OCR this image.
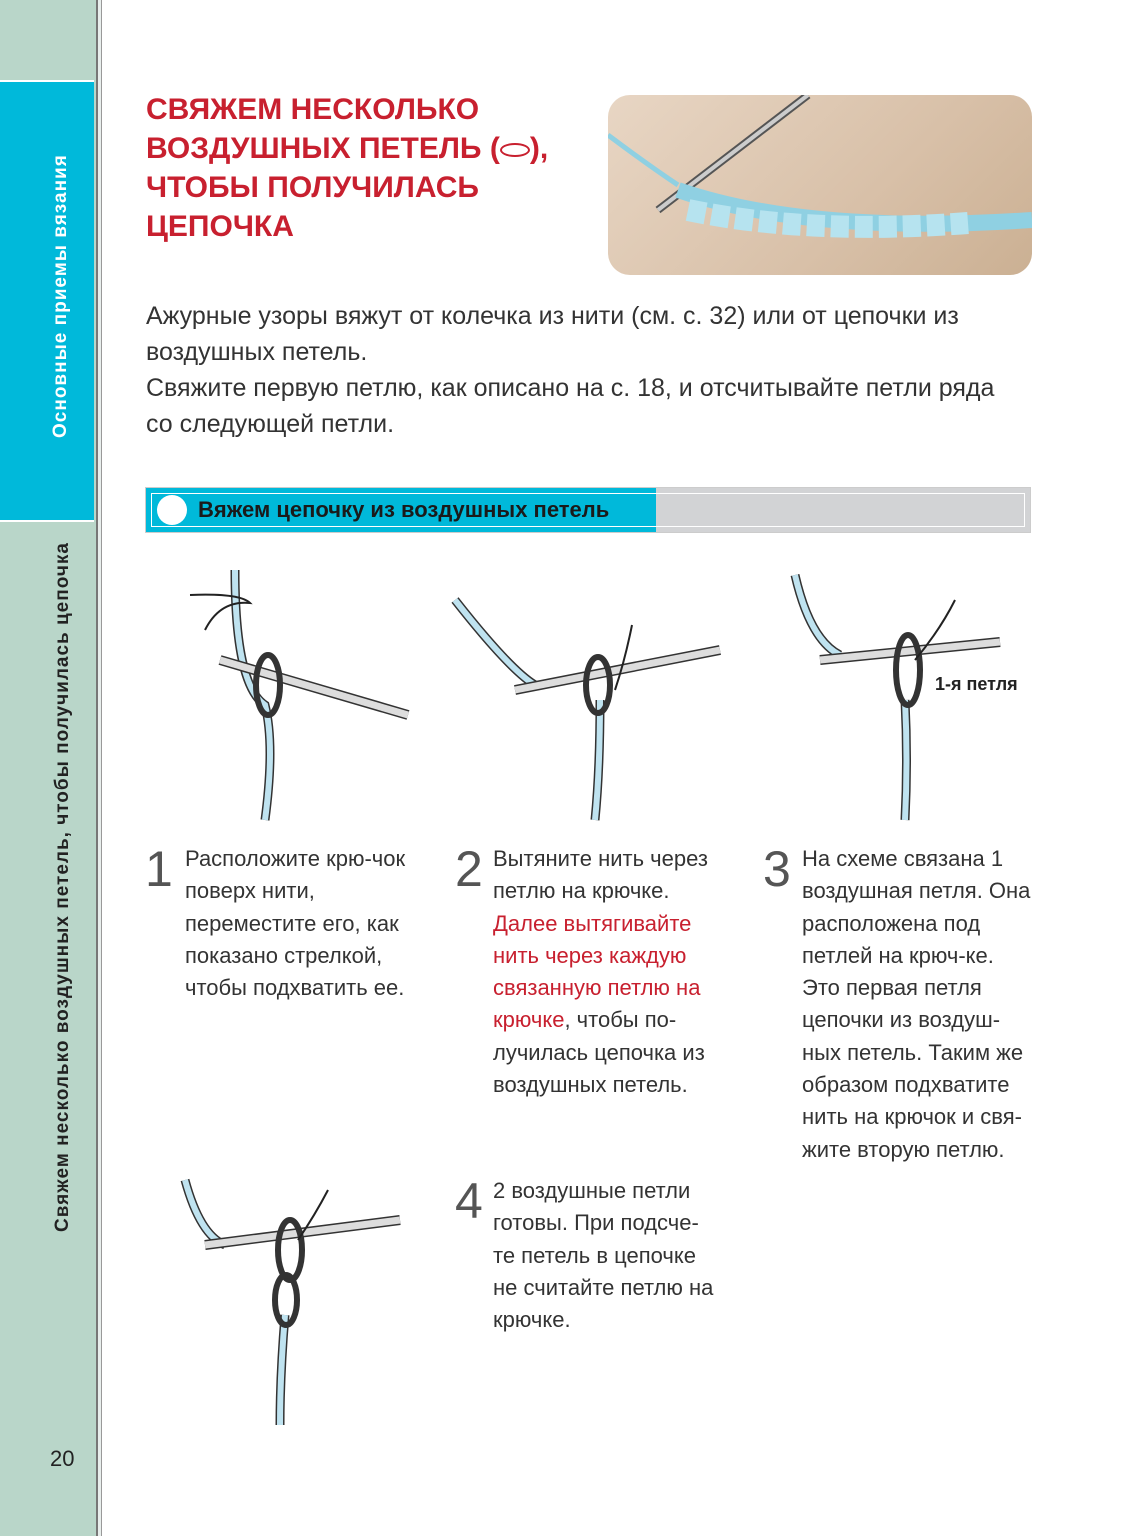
Основные приемы вязания
Свяжем несколько воздушных петель, чтобы получилась цепочка
20
СВЯЖЕМ НЕСКОЛЬКО
ВОЗДУШНЫХ ПЕТЕЛЬ ( ),
ЧТОБЫ ПОЛУЧИЛАСЬ
ЦЕПОЧКА
Ажурные узоры вяжут от колечка из нити (см. с. 32) или от цепочки из воздушных петель.
Свяжите первую петлю, как описано на с. 18, и отсчитывайте петли ряда со следующей петли.
Вяжем цепочку из воздушных петель
1-я петля
1 Расположите крю-чок поверх нити, переместите его, как показано стрелкой, чтобы подхватить ее.
2 Вытяните нить через петлю на крючке. Далее вытягивайте нить через каждую связанную петлю на крючке, чтобы по-лучилась цепочка из воздушных петель.
3 На схеме связана 1 воздушная петля. Она расположена под петлей на крюч-ке. Это первая петля цепочки из воздуш-ных петель. Таким же образом подхватите нить на крючок и свя-жите вторую петлю.
4 2 воздушные петли готовы. При подсче-те петель в цепочке не считайте петлю на крючке.
